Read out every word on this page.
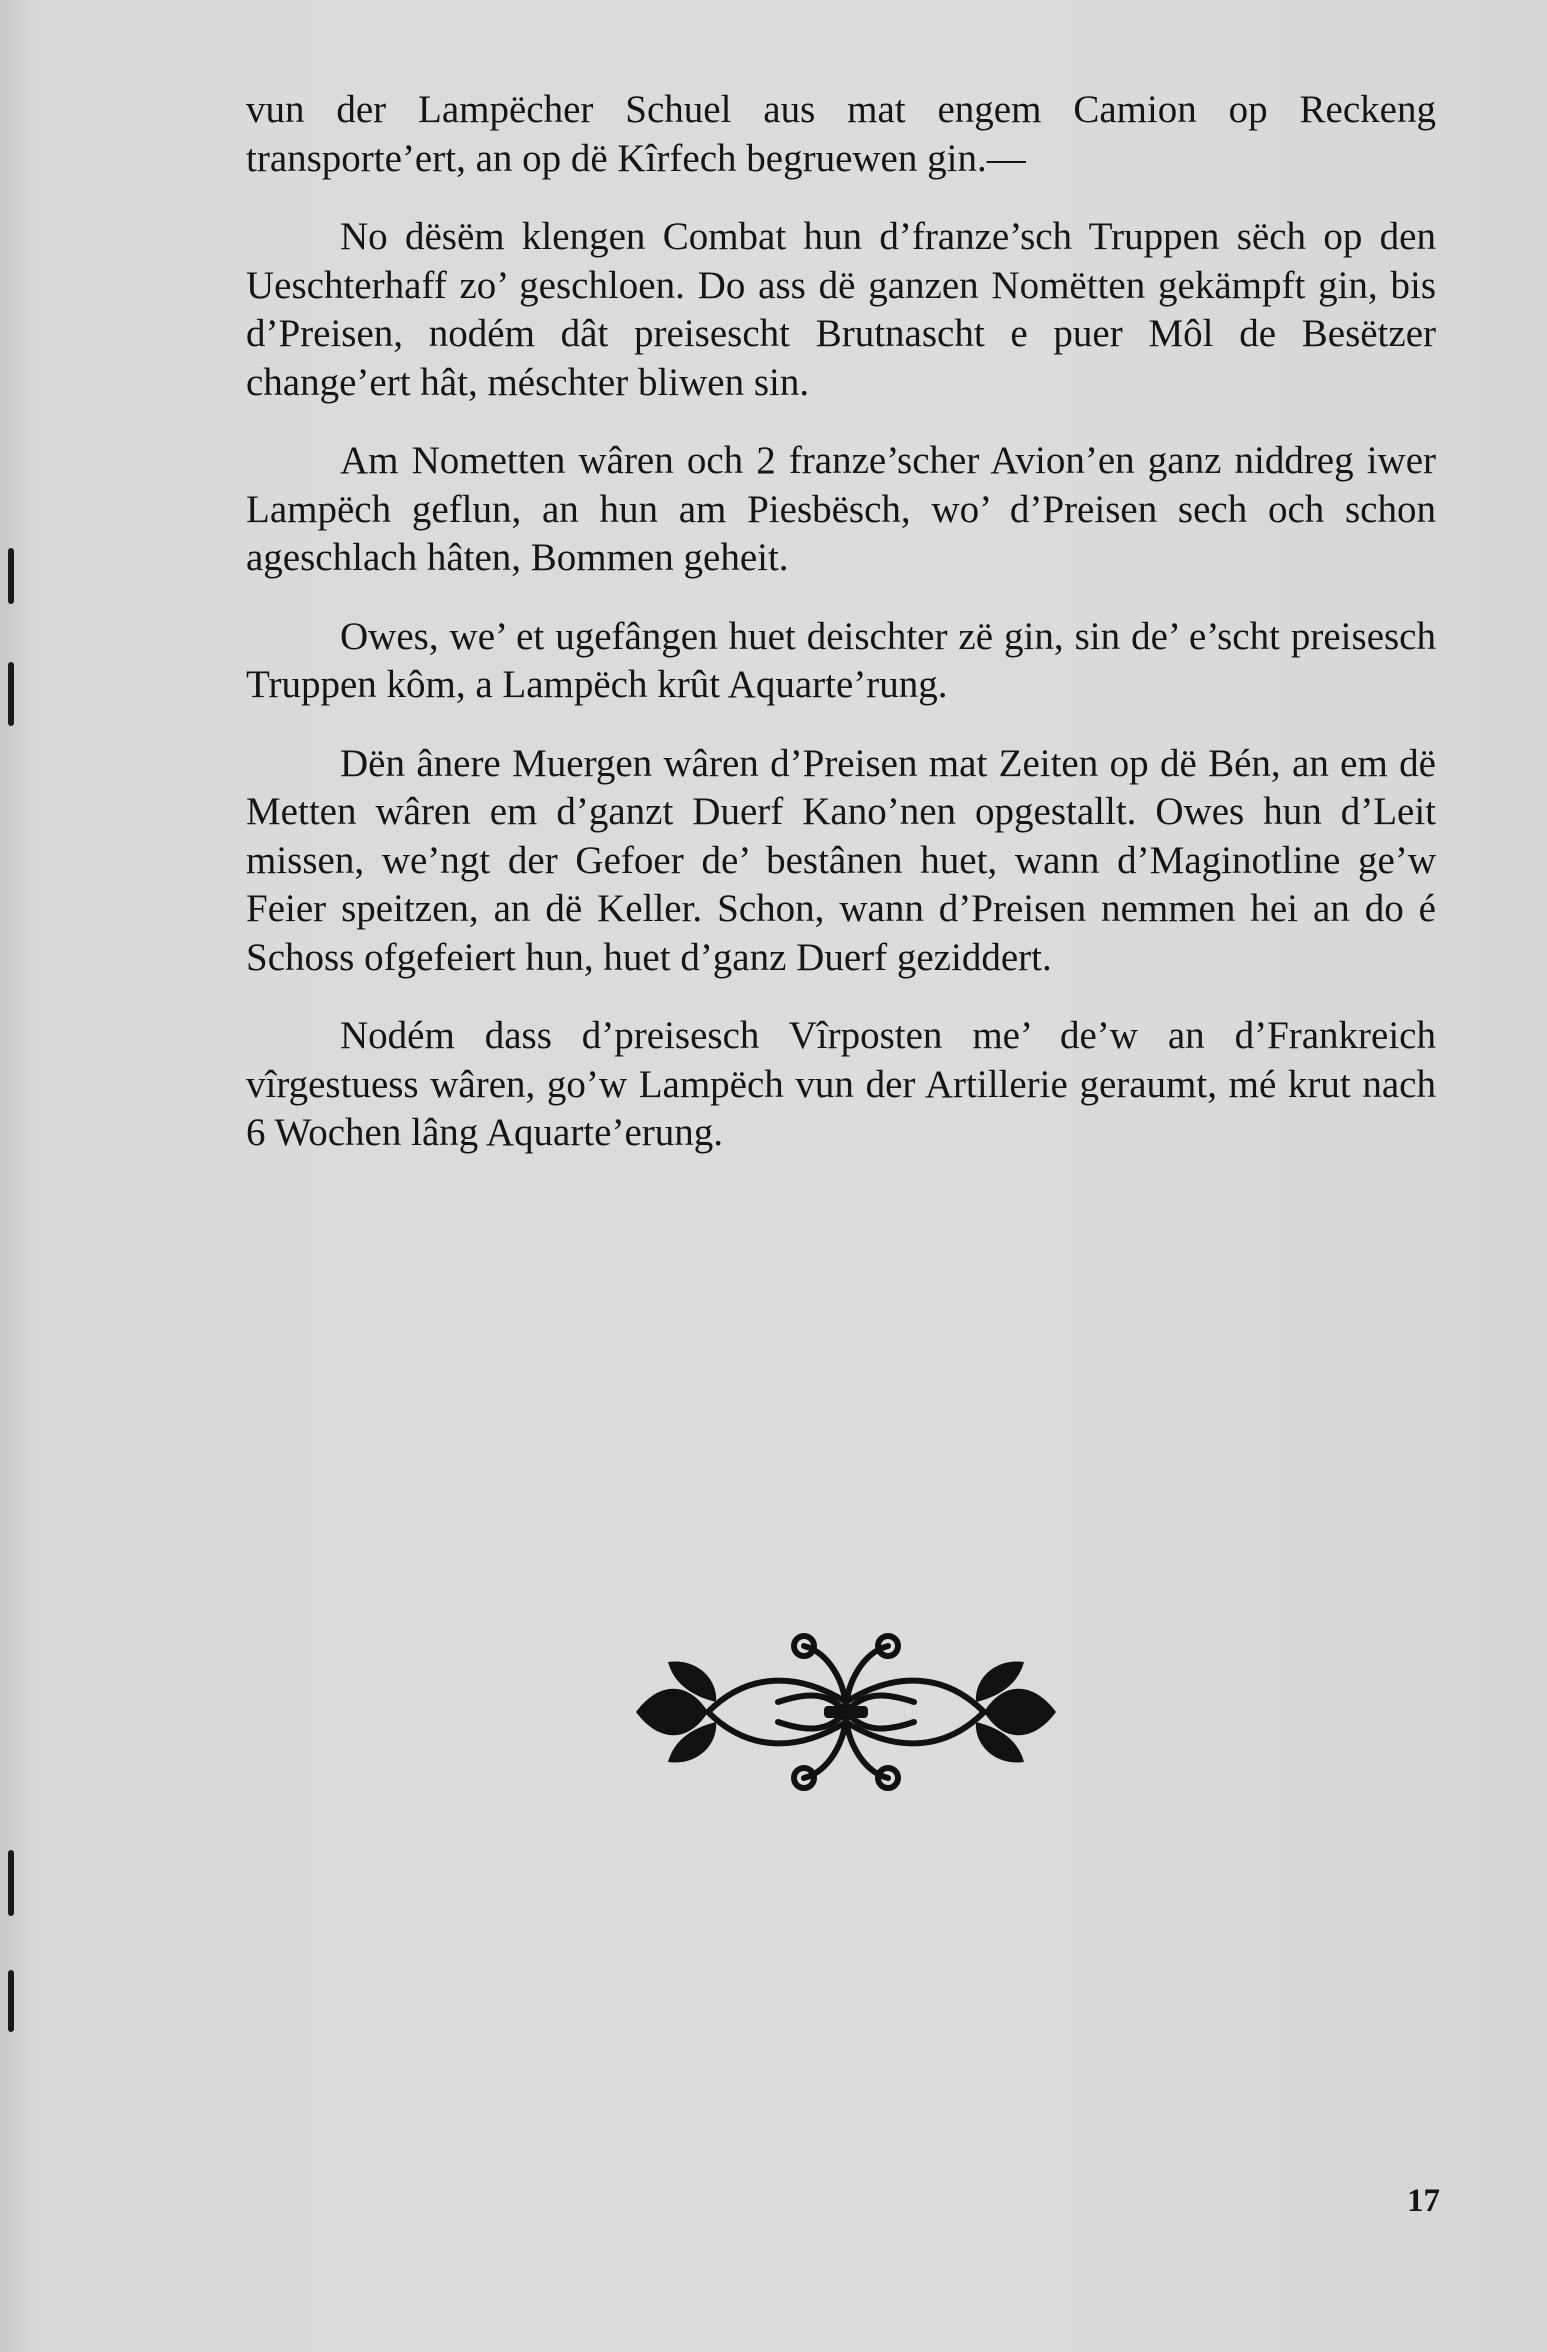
vun der Lampëcher Schuel aus mat engem Camion op Reckeng transporte’ert, an op dë Kîrfech begruewen gin.—

No dësëm klengen Combat hun d’franze’sch Truppen sëch op den Ueschterhaff zo’ geschloen. Do ass dë ganzen Nomëtten gekämpft gin, bis d’Preisen, nodém dât preisescht Brutnascht e puer Môl de Besëtzer change’ert hât, méschter bliwen sin.

Am Nometten wâren och 2 franze’scher Avion’en ganz niddreg iwer Lampëch geflun, an hun am Piesbësch, wo’ d’Preisen sech och schon ageschlach hâten, Bommen geheit.

Owes, we’ et ugefângen huet deischter zë gin, sin de’ e’scht preisesch Truppen kôm, a Lampëch krût Aquarte’rung.

Dën ânere Muergen wâren d’Preisen mat Zeiten op dë Bén, an em dë Metten wâren em d’ganzt Duerf Kano’nen opgestallt. Owes hun d’Leit missen, we’ngt der Gefoer de’ bestânen huet, wann d’Maginotline ge’w Feier speitzen, an dë Keller. Schon, wann d’Preisen nemmen hei an do é Schoss ofgefeiert hun, huet d’ganz Duerf geziddert.

Nodém dass d’preisesch Vîrposten me’ de’w an d’Frankreich vîrgestuess wâren, go’w Lampëch vun der Artillerie geraumt, mé krut nach 6 Wochen lâng Aquarte’erung.

17
